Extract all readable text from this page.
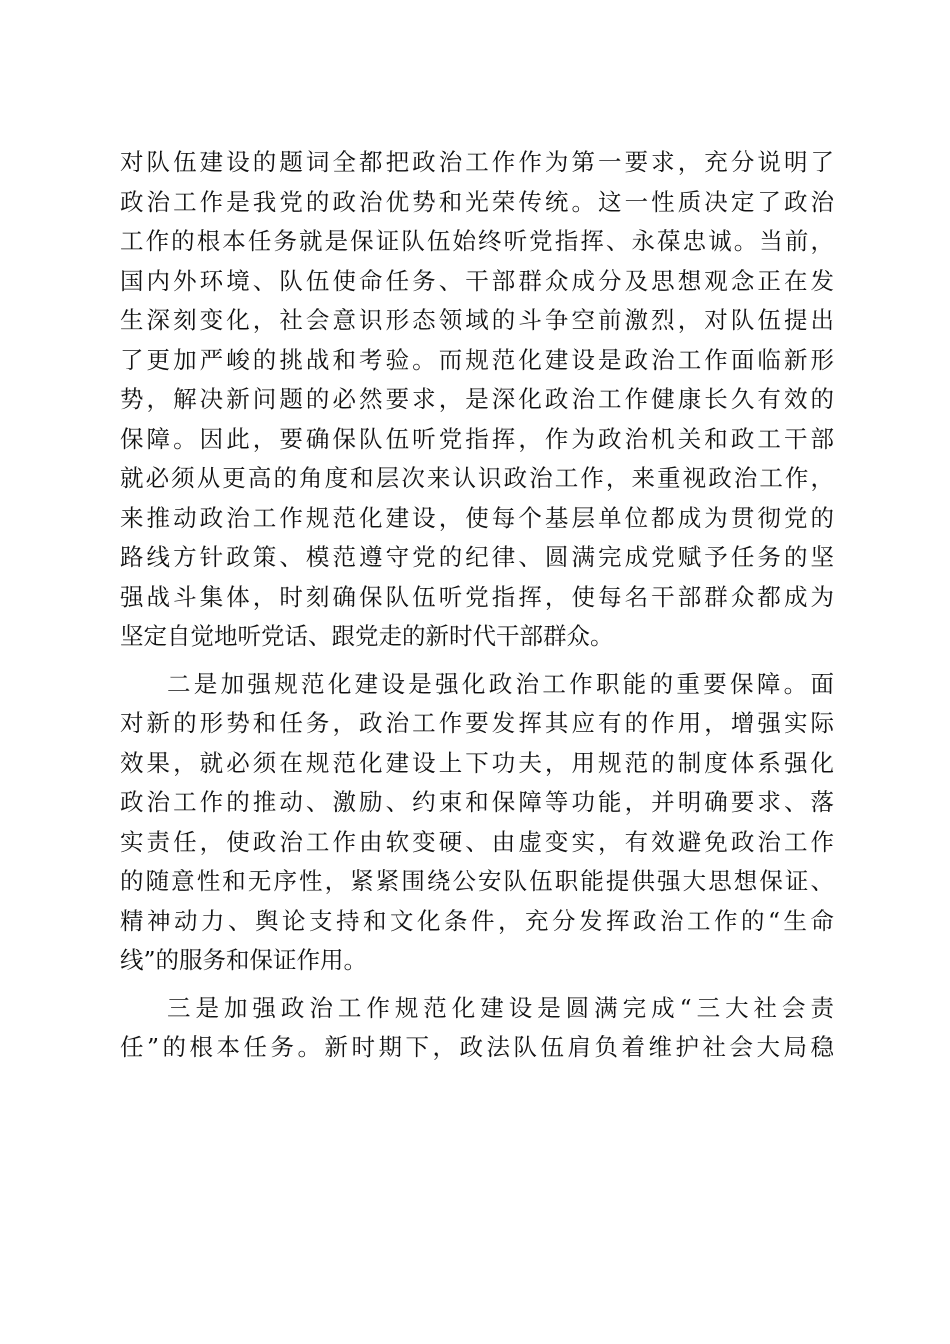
对队伍建设的题词全都把政治工作作为第一要求，充分说明了
政治工作是我党的政治优势和光荣传统。这一性质决定了政治
工作的根本任务就是保证队伍始终听党指挥、永葆忠诚。当前，
国内外环境、队伍使命任务、干部群众成分及思想观念正在发
生深刻变化，社会意识形态领域的斗争空前激烈，对队伍提出
了更加严峻的挑战和考验。而规范化建设是政治工作面临新形
势，解决新问题的必然要求，是深化政治工作健康长久有效的
保障。因此，要确保队伍听党指挥，作为政治机关和政工干部
就必须从更高的角度和层次来认识政治工作，来重视政治工作，
来推动政治工作规范化建设，使每个基层单位都成为贯彻党的
路线方针政策、模范遵守党的纪律、圆满完成党赋予任务的坚
强战斗集体，时刻确保队伍听党指挥，使每名干部群众都成为
坚定自觉地听党话、跟党走的新时代干部群众。
二是加强规范化建设是强化政治工作职能的重要保障。面
对新的形势和任务，政治工作要发挥其应有的作用，增强实际
效果，就必须在规范化建设上下功夫，用规范的制度体系强化
政治工作的推动、激励、约束和保障等功能，并明确要求、落
实责任，使政治工作由软变硬、由虚变实，有效避免政治工作
的随意性和无序性，紧紧围绕公安队伍职能提供强大思想保证、
精神动力、舆论支持和文化条件，充分发挥政治工作的“生命
线”的服务和保证作用。
三是加强政治工作规范化建设是圆满完成“三大社会责
任”的根本任务。新时期下，政法队伍肩负着维护社会大局稳
